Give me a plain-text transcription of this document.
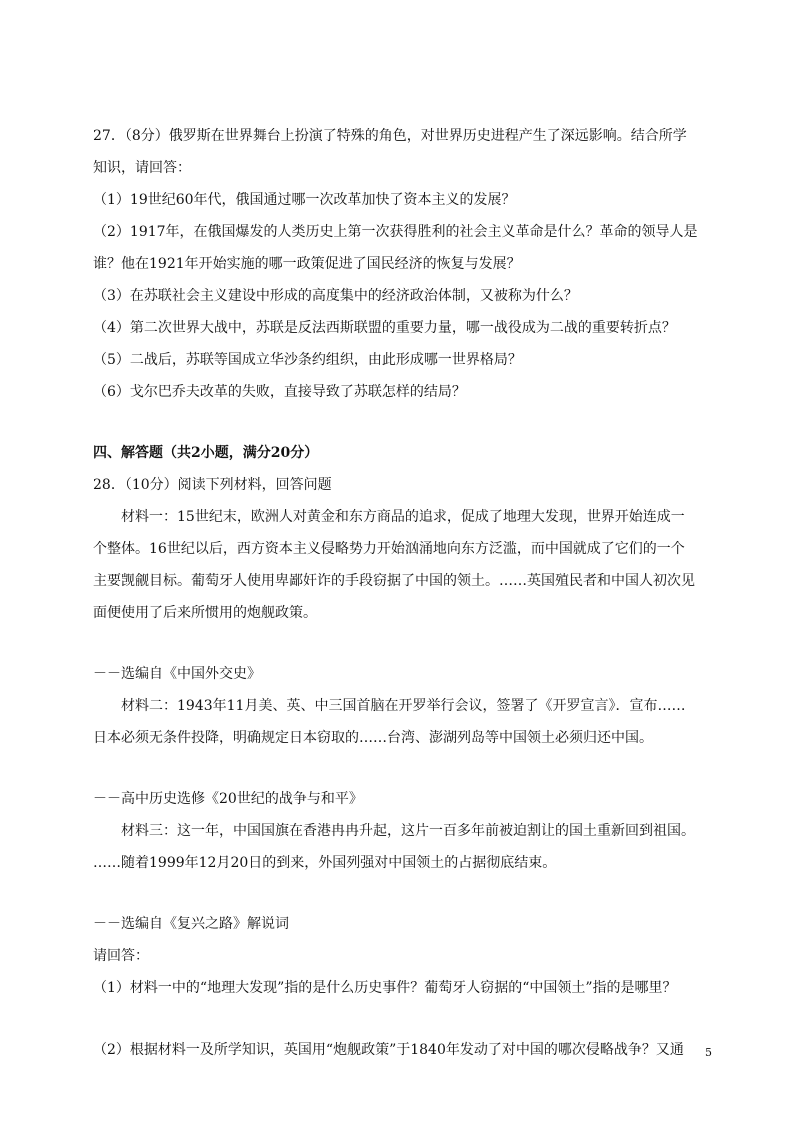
27．（8分）俄罗斯在世界舞台上扮演了特殊的角色，对世界历史进程产生了深远影响。结合所学
知识，请回答：
（1）19世纪60年代，俄国通过哪一次改革加快了资本主义的发展？
（2）1917年，在俄国爆发的人类历史上第一次获得胜利的社会主义革命是什么？革命的领导人是
谁？他在1921年开始实施的哪一政策促进了国民经济的恢复与发展？
（3）在苏联社会主义建设中形成的高度集中的经济政治体制，又被称为什么？
（4）第二次世界大战中，苏联是反法西斯联盟的重要力量，哪一战役成为二战的重要转折点？
（5）二战后，苏联等国成立华沙条约组织，由此形成哪一世界格局？
（6）戈尔巴乔夫改革的失败，直接导致了苏联怎样的结局？
四、解答题（共2小题，满分20分）
28．（10分）阅读下列材料，回答问题
材料一：15世纪末，欧洲人对黄金和东方商品的追求，促成了地理大发现，世界开始连成一
个整体。16世纪以后，西方资本主义侵略势力开始汹涌地向东方泛滥，而中国就成了它们的一个
主要觊觎目标。葡萄牙人使用卑鄙奸诈的手段窃据了中国的领土。……英国殖民者和中国人初次见
面便使用了后来所惯用的炮舰政策。
－－选编自《中国外交史》
材料二：1943年11月美、英、中三国首脑在开罗举行会议，签署了《开罗宣言》．宣布……
日本必须无条件投降，明确规定日本窃取的……台湾、澎湖列岛等中国领土必须归还中国。
－－高中历史选修《20世纪的战争与和平》
材料三：这一年，中国国旗在香港冉冉升起，这片一百多年前被迫割让的国土重新回到祖国。
……随着1999年12月20日的到来，外国列强对中国领土的占据彻底结束。
－－选编自《复兴之路》解说词
请回答：
（1）材料一中的“地理大发现”指的是什么历史事件？葡萄牙人窃据的“中国领土”指的是哪里？
（2）根据材料一及所学知识，英国用“炮舰政策”于1840年发动了对中国的哪次侵略战争？又通	5
